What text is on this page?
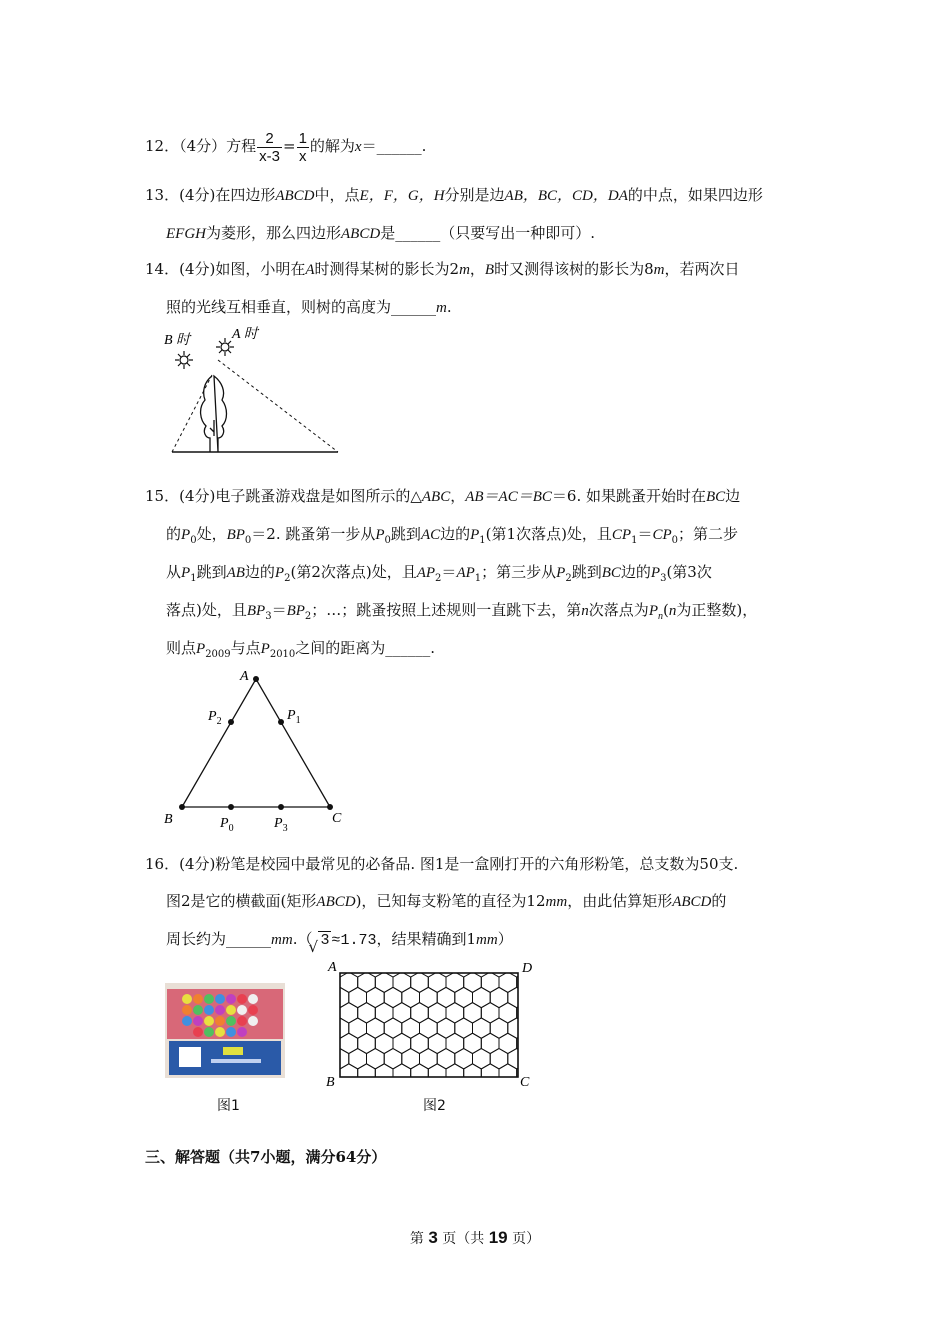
12．（4分）方程 $\frac{2}{x-3} = \frac{1}{x}$ 的解为x＝______.
13．(4分)在四边形ABCD中，点E，F，G，H分别是边AB，BC，CD，DA的中点，如果四边形
EFGH为菱形，那么四边形ABCD是______（只要写出一种即可）.
14．(4分)如图，小明在A时测得某树的影长为2m，B时又测得该树的影长为8m，若两次日
照的光线互相垂直，则树的高度为______m.
B 时	A 时
15．(4分)电子跳蚤游戏盘是如图所示的△ABC，AB＝AC＝BC＝6. 如果跳蚤开始时在BC边
的$P_0$处，$BP_0=2$. 跳蚤第一步从$P_0$跳到AC边的$P_1$(第1次落点)处，且$CP_1=CP_0$；第二步
从$P_1$跳到AB边的$P_2$(第2次落点)处，且$AP_2=AP_1$；第三步从$P_2$跳到BC边的$P_3$(第3次
落点)处，且$BP_3=BP_2$；…；跳蚤按照上述规则一直跳下去，第n次落点为$P_n(n$为正整数)，
则点$P_{2009}$与点$P_{2010}$之间的距离为______.
A
B	C
$P_2$	$P_1$
$P_0$	$P_3$
16．(4分)粉笔是校园中最常见的必备品. 图1是一盒刚打开的六角形粉笔，总支数为50支.
图2是它的横截面(矩形ABCD)，已知每支粉笔的直径为12mm，由此估算矩形ABCD的
周长约为______mm.（
√ 3 ≈1.73，结果精确到1mm）
图1
A	D
B	C
图2
三、解答题（共7小题，满分64分）
第 3 页（共 19 页）
